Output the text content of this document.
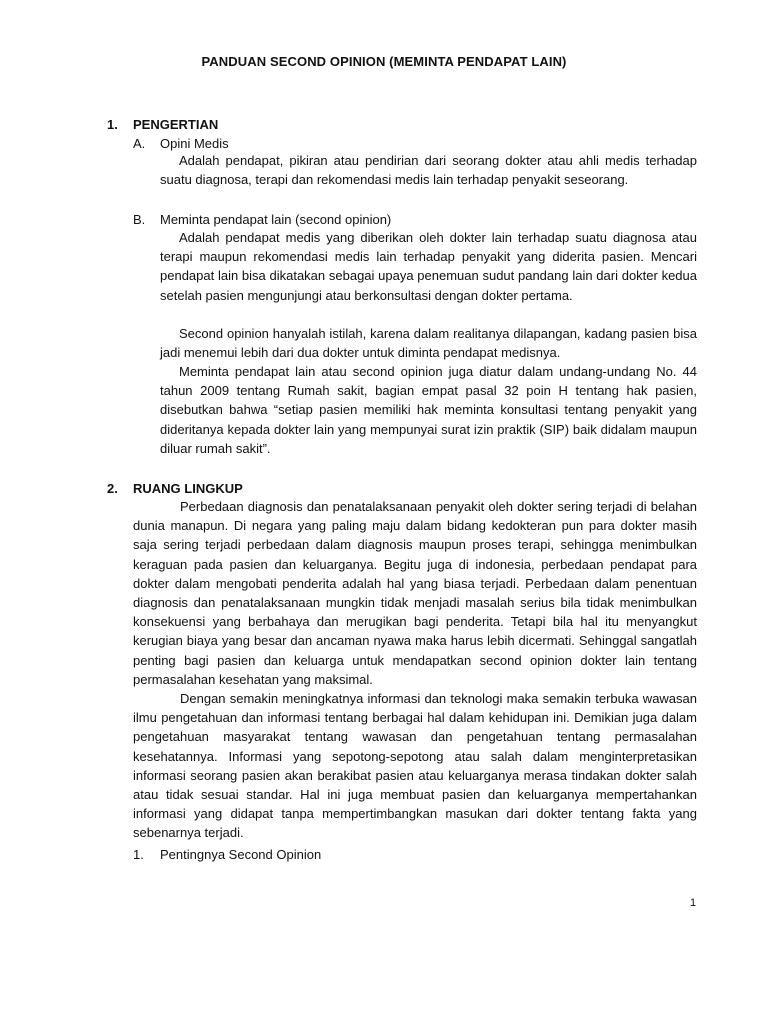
PANDUAN SECOND OPINION (MEMINTA PENDAPAT LAIN)
1. PENGERTIAN
A. Opini Medis

Adalah pendapat, pikiran atau pendirian dari seorang dokter atau ahli medis terhadap suatu diagnosa, terapi dan rekomendasi medis lain terhadap penyakit seseorang.

B. Meminta pendapat lain (second opinion)

Adalah pendapat medis yang diberikan oleh dokter lain terhadap suatu diagnosa atau terapi maupun rekomendasi medis lain terhadap penyakit yang diderita pasien. Mencari pendapat lain bisa dikatakan sebagai upaya penemuan sudut pandang lain dari dokter kedua setelah pasien mengunjungi atau berkonsultasi dengan dokter pertama.

Second opinion hanyalah istilah, karena dalam realitanya dilapangan, kadang pasien bisa jadi menemui lebih dari dua dokter untuk diminta pendapat medisnya.

Meminta pendapat lain atau second opinion juga diatur dalam undang-undang No. 44 tahun 2009 tentang Rumah sakit, bagian empat pasal 32 poin H tentang hak pasien, disebutkan bahwa “setiap pasien memiliki hak meminta konsultasi tentang penyakit yang dideritanya kepada dokter lain yang mempunyai surat izin praktik (SIP) baik didalam maupun diluar rumah sakit”.

2. RUANG LINGKUP

Perbedaan diagnosis dan penatalaksanaan penyakit oleh dokter sering terjadi di belahan dunia manapun. Di negara yang paling maju dalam bidang kedokteran pun para dokter masih saja sering terjadi perbedaan dalam diagnosis maupun proses terapi, sehingga menimbulkan keraguan pada pasien dan keluarganya. Begitu juga di indonesia, perbedaan pendapat para dokter dalam mengobati penderita adalah hal yang biasa terjadi. Perbedaan dalam penentuan diagnosis dan penatalaksanaan mungkin tidak menjadi masalah serius bila tidak menimbulkan konsekuensi yang berbahaya dan merugikan bagi penderita. Tetapi bila hal itu menyangkut kerugian biaya yang besar dan ancaman nyawa maka harus lebih dicermati. Sehinggal sangatlah penting bagi pasien dan keluarga untuk mendapatkan second opinion dokter lain tentang permasalahan kesehatan yang maksimal.

Dengan semakin meningkatnya informasi dan teknologi maka semakin terbuka wawasan ilmu pengetahuan dan informasi tentang berbagai hal dalam kehidupan ini. Demikian juga dalam pengetahuan masyarakat tentang wawasan dan pengetahuan tentang permasalahan kesehatannya. Informasi yang sepotong-sepotong atau salah dalam menginterpretasikan informasi seorang pasien akan berakibat pasien atau keluarganya merasa tindakan dokter salah atau tidak sesuai standar. Hal ini juga membuat pasien dan keluarganya mempertahankan informasi yang didapat tanpa mempertimbangkan masukan dari dokter tentang fakta yang sebenarnya terjadi.

1. Pentingnya Second Opinion
1
